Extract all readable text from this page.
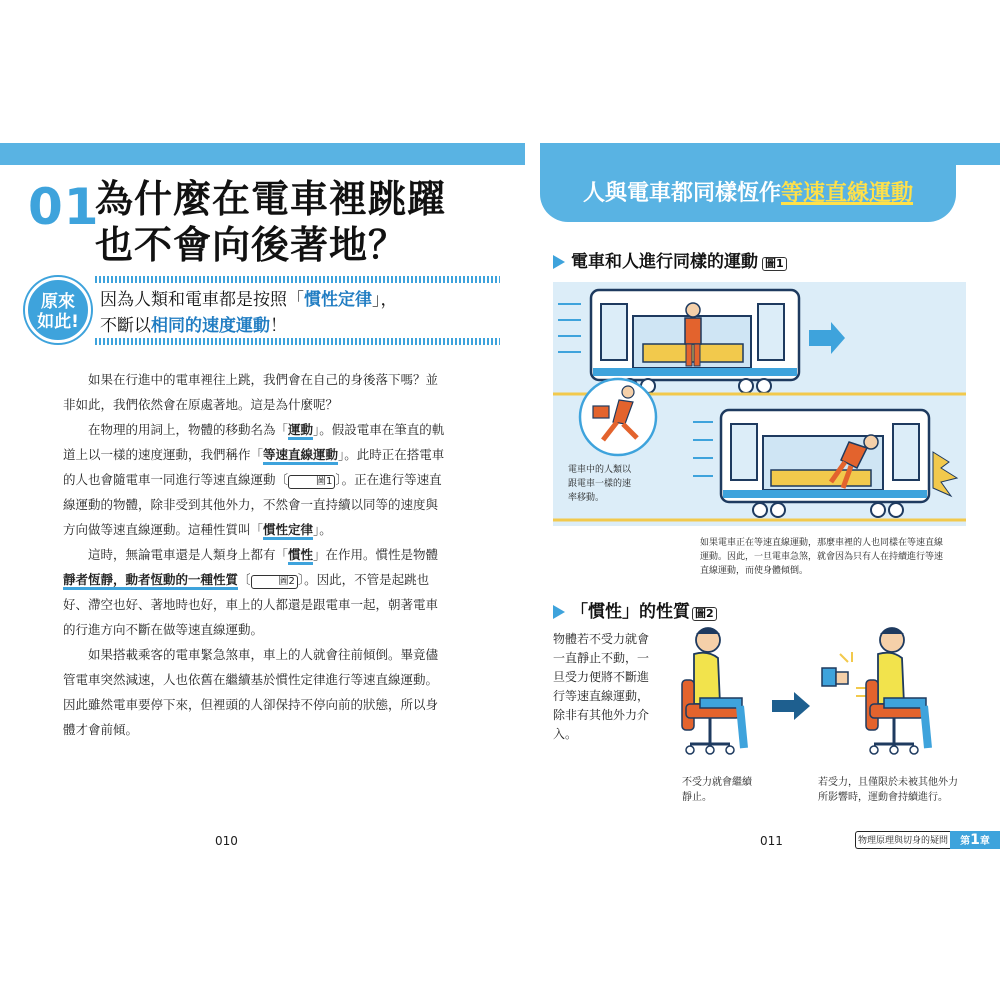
01
為什麼在電車裡跳躍
也不會向後著地？
原來
如此!
因為人類和電車都是按照「慣性定律」，
不斷以相同的速度運動！

如果在行進中的電車裡往上跳，我們會在自己的身後落下嗎？並非如此，我們依然會在原處著地。這是為什麼呢？

在物理的用詞上，物體的移動名為「運動」。假設電車在筆直的軌道上以一樣的速度運動，我們稱作「等速直線運動」。此時正在搭電車的人也會隨電車一同進行等速直線運動〔	圖1 〕。正在進行等速直線運動的物體，除非受到其他外力，不然會一直持續以同等的速度與方向做等速直線運動。這種性質叫「慣性定律」。

這時，無論電車還是人類身上都有「慣性」在作用。慣性是物體靜者恆靜，動者恆動的一種性質〔	圖2 〕。因此，不管是起跳也好、滯空也好、著地時也好，車上的人都還是跟電車一起，朝著電車的行進方向不斷在做等速直線運動。

如果搭載乘客的電車緊急煞車，車上的人就會往前傾倒。畢竟儘管電車突然減速，人也依舊在繼續基於慣性定律進行等速直線運動。因此雖然電車要停下來，但裡頭的人卻保持不停向前的狀態，所以身體才會前傾。

010
人與電車都同樣恆作等速直線運動
電車和人進行同樣的運動 圖1
電車中的人類以
跟電車一樣的速
率移動。
如果電車正在等速直線運動，那麼車裡的人也同樣在等速直線
運動。因此，一旦電車急煞，就會因為只有人在持續進行等速
直線運動，而使身體傾倒。
「慣性」的性質 圖2
物體若不受力就會
一直靜止不動，一
旦受力便將不斷進
行等速直線運動，
除非有其他外力介
入。
不受力就會繼續
靜止。
若受力，且僅限於未被其他外力
所影響時，運動會持續進行。
011	物理原理與切身的疑問	第1章
